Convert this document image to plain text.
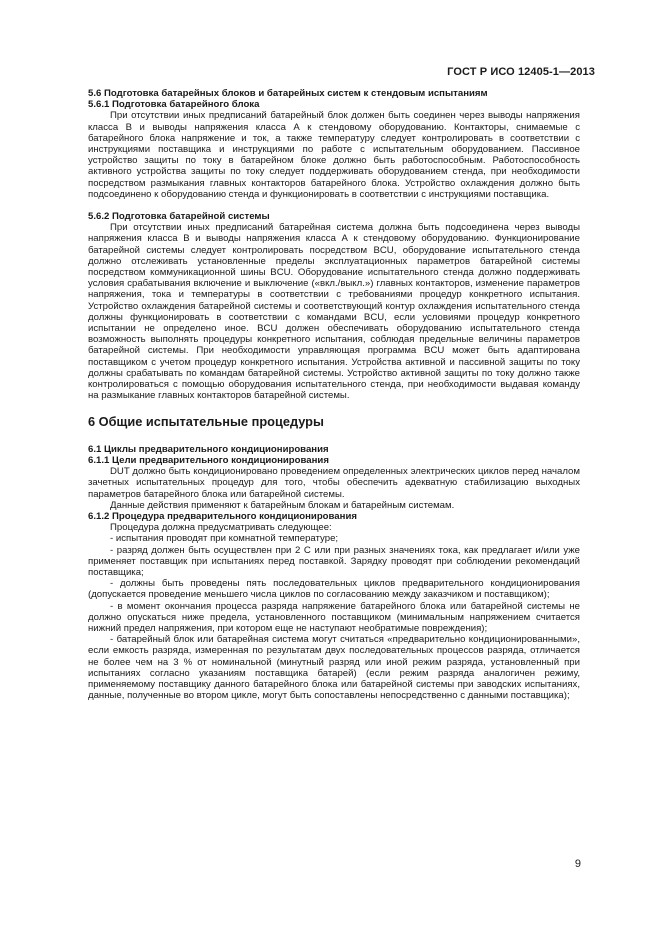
ГОСТ Р ИСО 12405-1—2013

5.6 Подготовка батарейных блоков и батарейных систем к стендовым испытаниям

5.6.1 Подготовка батарейного блока

При отсутствии иных предписаний батарейный блок должен быть соединен через выводы напряжения класса В и выводы напряжения класса А к стендовому оборудованию. Контакторы, снимаемые с батарейного блока напряжение и ток, а также температуру следует контролировать в соответствии с инструкциями поставщика и инструкциями по работе с испытательным оборудованием. Пассивное устройство защиты по току в батарейном блоке должно быть работоспособным. Работоспособность активного устройства защиты по току следует поддерживать оборудованием стенда, при необходимости посредством размыкания главных контакторов батарейного блока. Устройство охлаждения должно быть подсоединено к оборудованию стенда и функционировать в соответствии с инструкциями поставщика.

5.6.2 Подготовка батарейной системы

При отсутствии иных предписаний батарейная система должна быть подсоединена через выводы напряжения класса В и выводы напряжения класса А к стендовому оборудованию. Функционирование батарейной системы следует контролировать посредством BCU, оборудование испытательного стенда должно отслеживать установленные пределы эксплуатационных параметров батарейной системы посредством коммуникационной шины BCU. Оборудование испытательного стенда должно поддерживать условия срабатывания включение и выключение («вкл./выкл.») главных контакторов, изменение параметров напряжения, тока и температуры в соответствии с требованиями процедур конкретного испытания. Устройство охлаждения батарейной системы и соответствующий контур охлаждения испытательного стенда должны функционировать в соответствии с командами BCU, если условиями процедур конкретного испытании не определено иное. BCU должен обеспечивать оборудованию испытательного стенда возможность выполнять процедуры конкретного испытания, соблюдая предельные величины параметров батарейной системы. При необходимости управляющая программа BCU может быть адаптирована поставщиком с учетом процедур конкретного испытания. Устройства активной и пассивной защиты по току должны срабатывать по командам батарейной системы. Устройство активной защиты по току должно также контролироваться с помощью оборудования испытательного стенда, при необходимости выдавая команду на размыкание главных контакторов батарейной системы.

6 Общие испытательные процедуры

6.1 Циклы предварительного кондиционирования

6.1.1 Цели предварительного кондиционирования

DUT должно быть кондиционировано проведением определенных электрических циклов перед началом зачетных испытательных процедур для того, чтобы обеспечить адекватную стабилизацию выходных параметров батарейного блока или батарейной системы.

Данные действия применяют к батарейным блокам и батарейным системам.

6.1.2 Процедура предварительного кондиционирования

Процедура должна предусматривать следующее:

- испытания проводят при комнатной температуре;

- разряд должен быть осуществлен при 2 С или при разных значениях тока, как предлагает и/или уже применяет поставщик при испытаниях перед поставкой. Зарядку проводят при соблюдении рекомендаций поставщика;

- должны быть проведены пять последовательных циклов предварительного кондиционирования (допускается проведение меньшего числа циклов по согласованию между заказчиком и поставщиком);

- в момент окончания процесса разряда напряжение батарейного блока или батарейной системы не должно опускаться ниже предела, установленного поставщиком (минимальным напряжением считается нижний предел напряжения, при котором еще не наступают необратимые повреждения);

- батарейный блок или батарейная система могут считаться «предварительно кондиционированными», если емкость разряда, измеренная по результатам двух последовательных процессов разряда, отличается не более чем на 3 % от номинальной (минутный разряд или иной режим разряда, установленный при испытаниях согласно указаниям поставщика батарей) (если режим разряда аналогичен режиму, применяемому поставщику данного батарейного блока или батарейной системы при заводских испытаниях, данные, полученные во втором цикле, могут быть сопоставлены непосредственно с данными поставщика);

9
